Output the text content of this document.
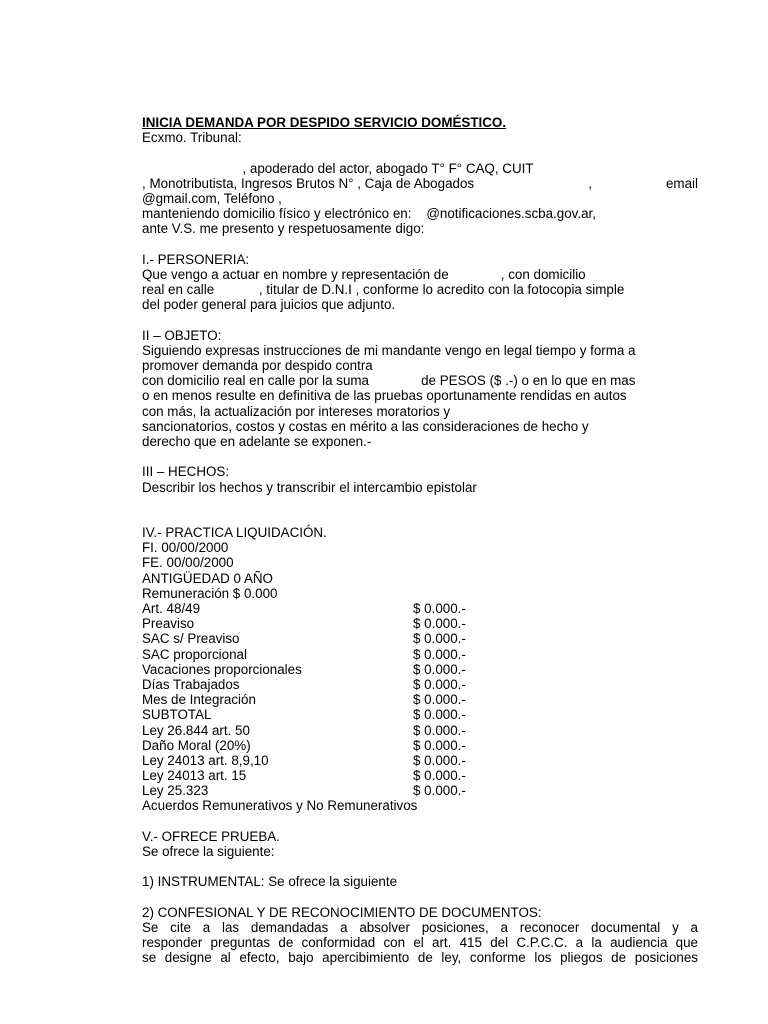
INICIA DEMANDA POR DESPIDO SERVICIO DOMÉSTICO.
Ecxmo. Tribunal:
, apoderado del actor, abogado T° F° CAQ, CUIT
, Monotributista, Ingresos Brutos N° , Caja de Abogados	,	email
@gmail.com, Teléfono ,
manteniendo domicilio físico y electrónico en:    @notificaciones.scba.gov.ar,
ante V.S. me presento y respetuosamente digo:
I.- PERSONERIA:
Que vengo a actuar en nombre y representación de              , con domicilio
real en calle            , titular de D.N.I , conforme lo acredito con la fotocopia simple
del poder general para juicios que adjunto.
II – OBJETO:
Siguiendo expresas instrucciones de mi mandante vengo en legal tiempo y forma a
promover demanda por despido contra
con domicilio real en calle por la suma              de PESOS ($ .-) o en lo que en mas
o en menos resulte en definitiva de las pruebas oportunamente rendidas en autos
con más, la actualización por intereses moratorios y
sancionatorios, costos y costas en mérito a las consideraciones de hecho y
derecho que en adelante se exponen.-
III – HECHOS:
Describir los hechos y transcribir el intercambio epistolar
IV.- PRACTICA LIQUIDACIÓN.
FI. 00/00/2000
FE. 00/00/2000
ANTIGÜEDAD 0 AÑO
Remuneración $ 0.000
Art. 48/49	$ 0.000.-
Preaviso	$ 0.000.-
SAC s/ Preaviso	$ 0.000.-
SAC proporcional	$ 0.000.-
Vacaciones proporcionales	$ 0.000.-
Días Trabajados	$ 0.000.-
Mes de Integración	$ 0.000.-
SUBTOTAL	$ 0.000.-
Ley 26.844 art. 50	$ 0.000.-
Daño Moral (20%)	$ 0.000.-
Ley 24013 art. 8,9,10	$ 0.000.-
Ley 24013 art. 15	$ 0.000.-
Ley 25.323	$ 0.000.-
Acuerdos Remunerativos y No Remunerativos
V.- OFRECE PRUEBA.
Se ofrece la siguiente:
1) INSTRUMENTAL: Se ofrece la siguiente
2) CONFESIONAL Y DE RECONOCIMIENTO DE DOCUMENTOS:
Se cite a las demandadas a absolver posiciones, a reconocer documental y a
responder preguntas de conformidad con el art. 415 del C.P.C.C. a la audiencia que
se designe al efecto, bajo apercibimiento de ley, conforme los pliegos de posiciones
